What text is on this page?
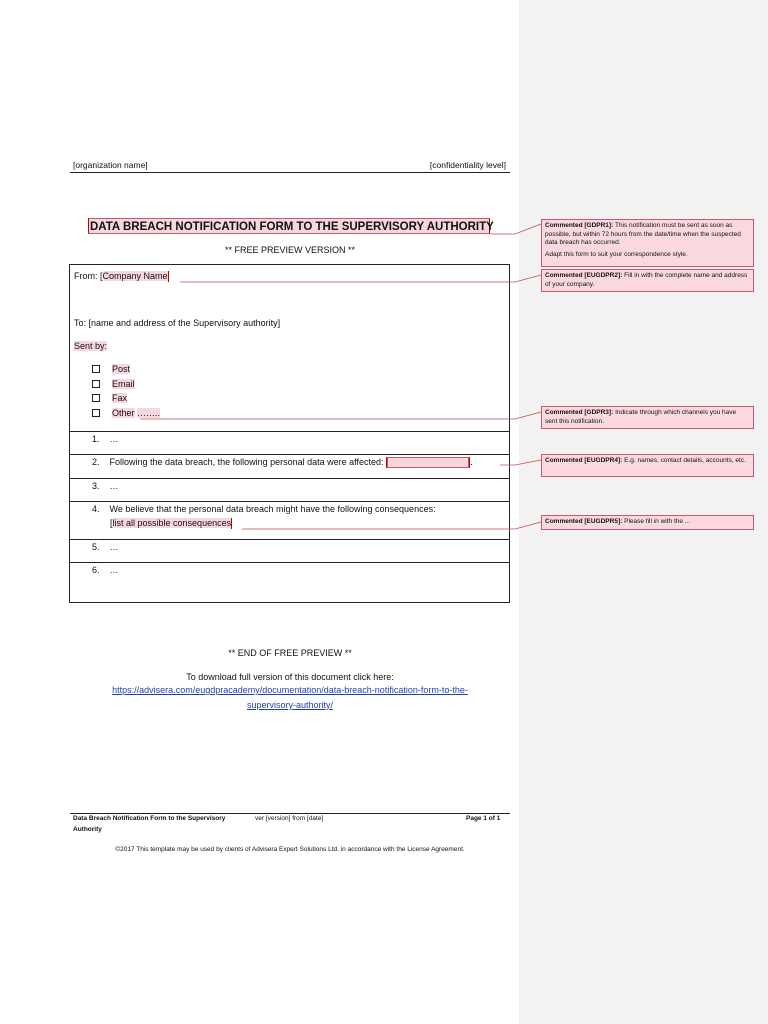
[organization name]	[confidentiality level]
DATA BREACH NOTIFICATION FORM TO THE SUPERVISORY AUTHORITY
** FREE PREVIEW VERSION **
From: [Company Name
To: [name and address of the Supervisory authority]
Sent by:
Post
Email
Fax
Other ……..
1. …
2. Following the data breach, the following personal data were affected:	.
3. …
4. We believe that the personal data breach might have the following consequences:
[list all possible consequences
5. …
6. …

Commented [GDPR1]: This notification must be sent as soon as possible, but within 72 hours from the date/time when the suspected data breach has occurred.

Adapt this form to suit your correspondence style.

Commented [EUGDPR2]: Fill in with the complete name and address of your company.

Commented [GDPR3]: Indicate through which channels you have sent this notification.

Commented [EUGDPR4]: E.g. names, contact details, accounts, etc.

Commented [EUGDPR5]: Please fill in with the ...

** END OF FREE PREVIEW **
To download full version of this document click here:
https://advisera.com/eugdpracademy/documentation/data-breach-notification-form-to-the-
supervisory-authority/
Data Breach Notification Form to the Supervisory
Authority
ver [version] from [date]	Page 1 of 1
©2017 This template may be used by clients of Advisera Expert Solutions Ltd. in accordance with the License Agreement.
